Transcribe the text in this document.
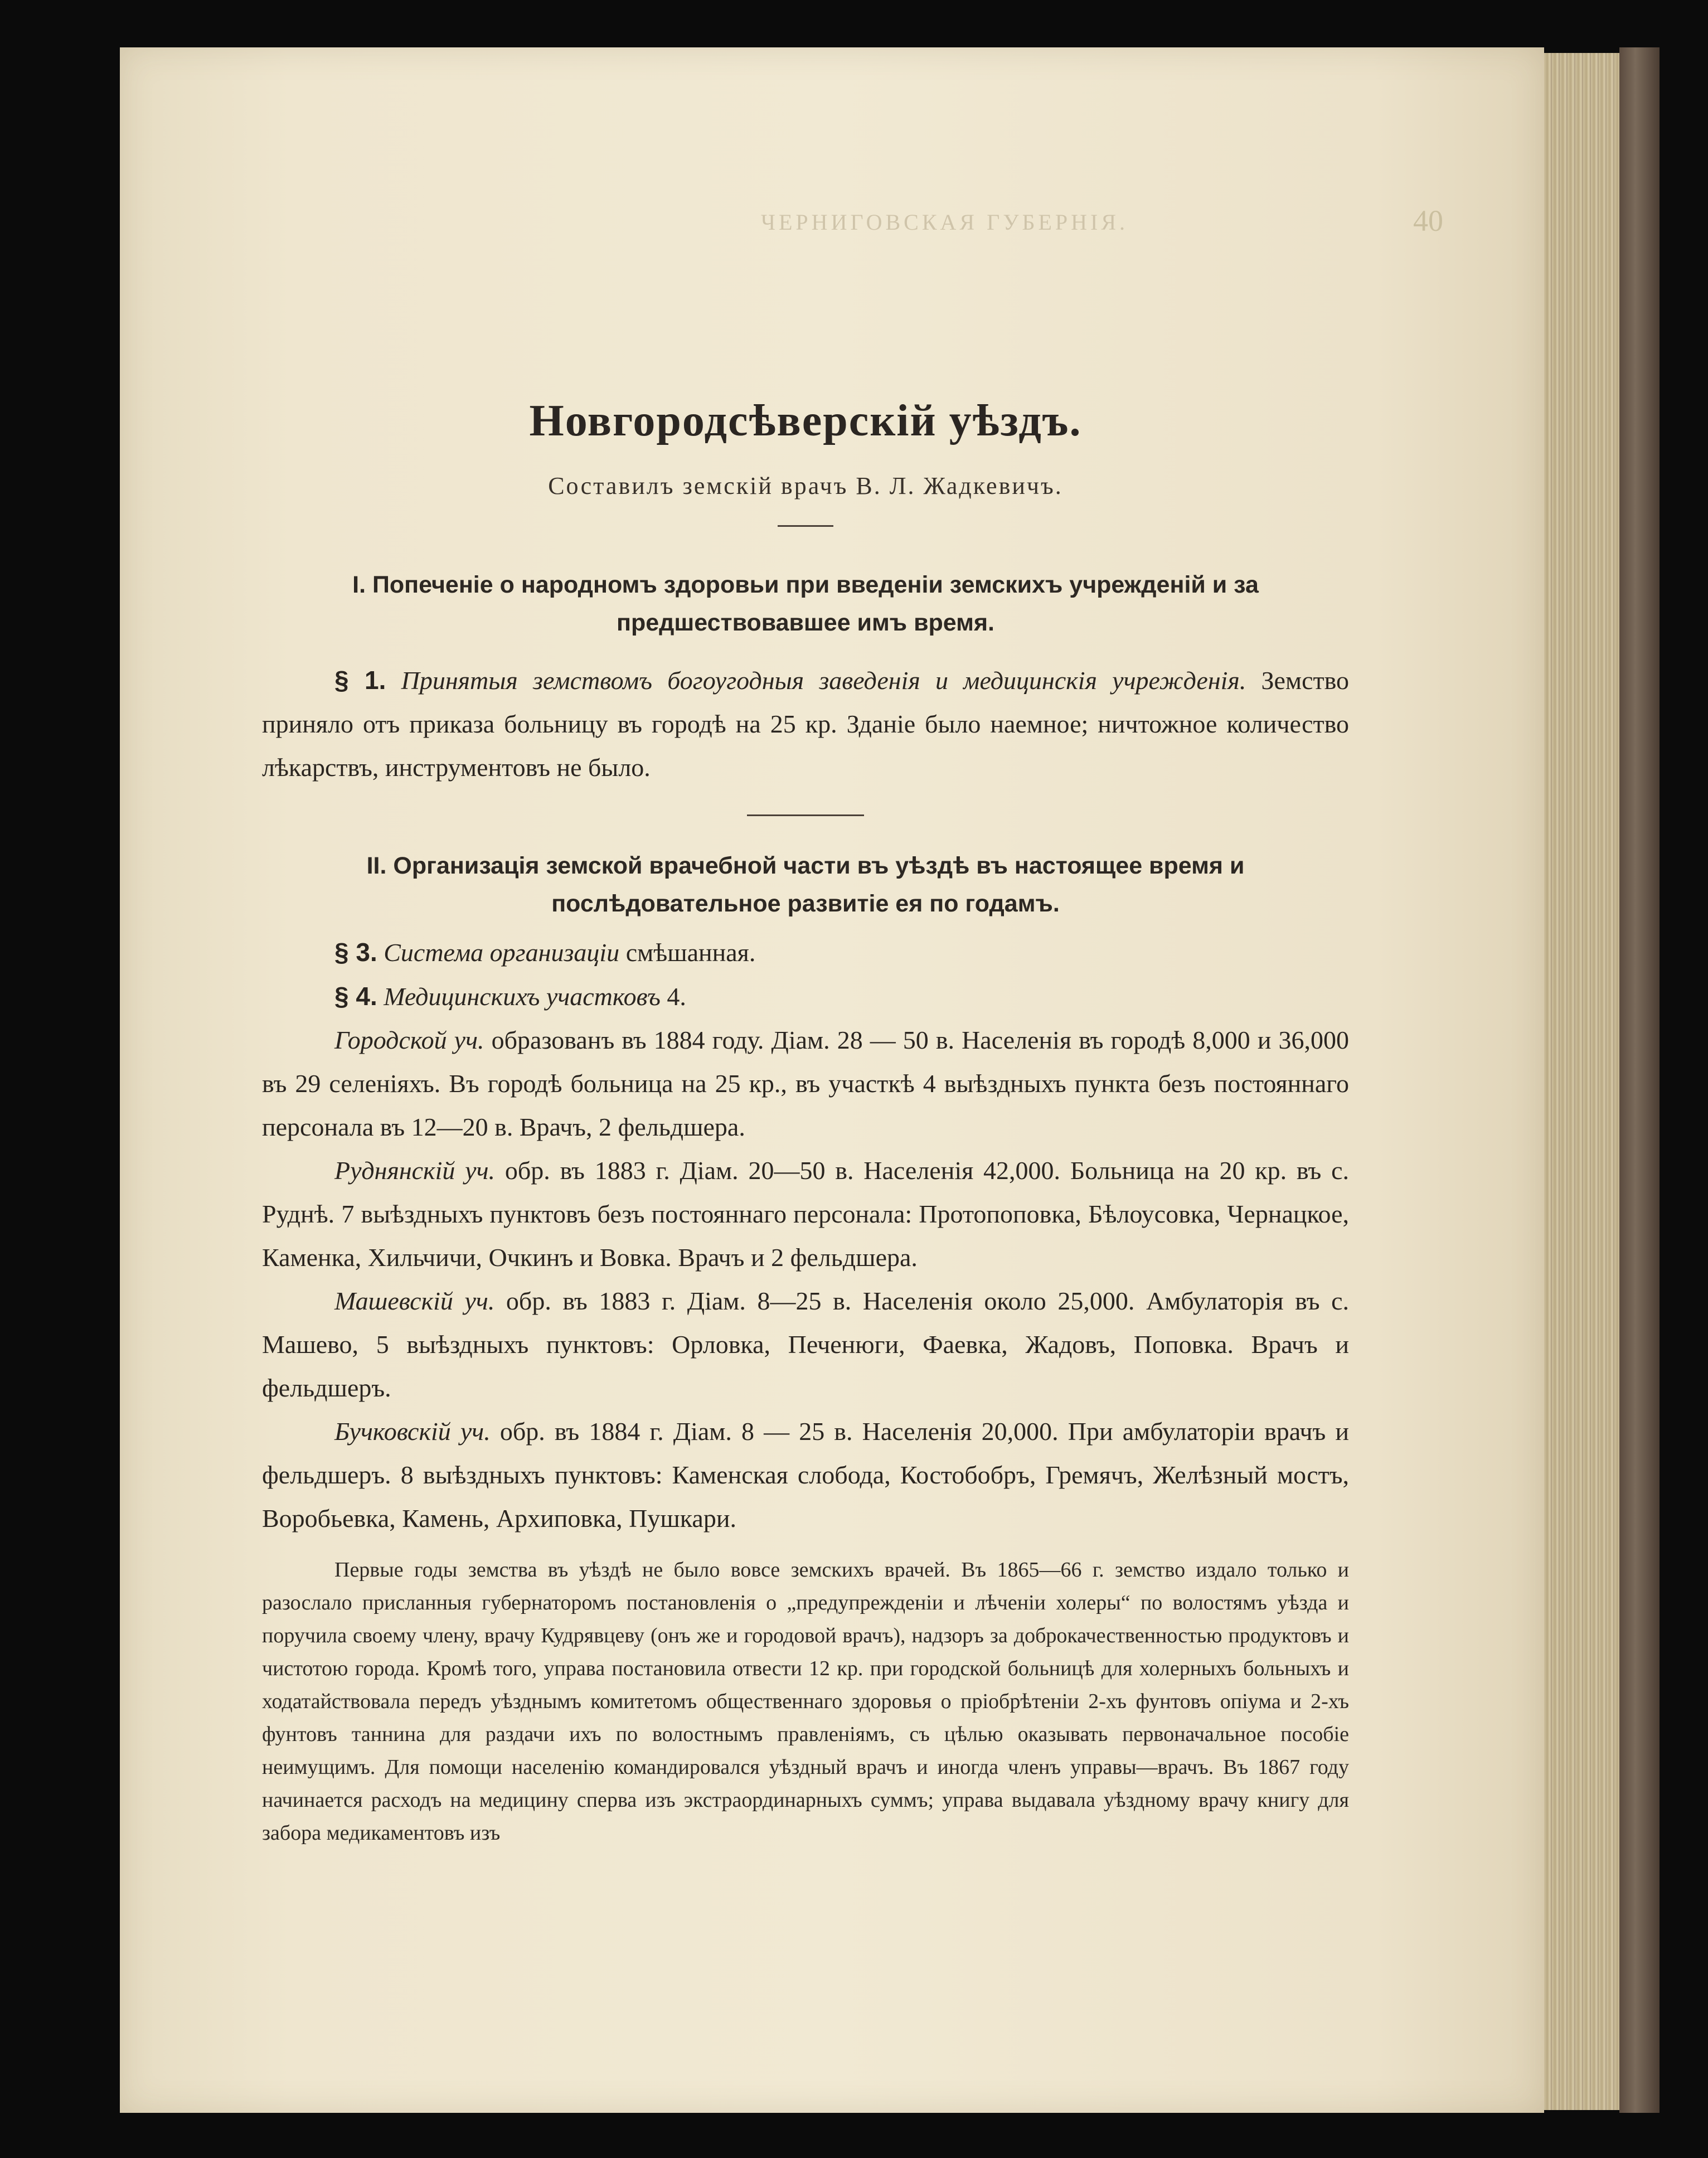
ЧЕРНИГОВСКАЯ ГУБЕРНІЯ.	40
Новгородсѣверскій уѣздъ.
Составилъ земскій врачъ В. Л. Жадкевичъ.
I. Попеченіе о народномъ здоровьи при введеніи земскихъ учрежденій и за
предшествовавшее имъ время.

§ 1. Принятыя земствомъ богоугодныя заведенія и медицинскія учрежденія. Земство приняло отъ приказа больницу въ городѣ на 25 кр. Зданіе было наемное; ничтожное количество лѣкарствъ, инструментовъ не было.

II. Организація земской врачебной части въ уѣздѣ въ настоящее время и
послѣдовательное развитіе ея по годамъ.

§ 3. Система организаціи смѣшанная.

§ 4. Медицинскихъ участковъ 4.

Городской уч. образованъ въ 1884 году. Діам. 28 — 50 в. Населенія въ городѣ 8,000 и 36,000 въ 29 селеніяхъ. Въ городѣ больница на 25 кр., въ участкѣ 4 выѣздныхъ пункта безъ постояннаго персонала въ 12—20 в. Врачъ, 2 фельдшера.

Руднянскій уч. обр. въ 1883 г. Діам. 20—50 в. Населенія 42,000. Больница на 20 кр. въ с. Руднѣ. 7 выѣздныхъ пунктовъ безъ постояннаго персонала: Протопоповка, Бѣлоусовка, Чернацкое, Каменка, Хильчичи, Очкинъ и Вовка. Врачъ и 2 фельдшера.

Машевскій уч. обр. въ 1883 г. Діам. 8—25 в. Населенія около 25,000. Амбулаторія въ с. Машево, 5 выѣздныхъ пунктовъ: Орловка, Печенюги, Фаевка, Жадовъ, Поповка. Врачъ и фельдшеръ.

Бучковскій уч. обр. въ 1884 г. Діам. 8 — 25 в. Населенія 20,000. При амбулаторіи врачъ и фельдшеръ. 8 выѣздныхъ пунктовъ: Каменская слобода, Костобобръ, Гремячъ, Желѣзный мостъ, Воробьевка, Камень, Архиповка, Пушкари.

Первые годы земства въ уѣздѣ не было вовсе земскихъ врачей. Въ 1865—66 г. земство издало только и разослало присланныя губернаторомъ постановленія о „предупрежденіи и лѣченіи холеры“ по волостямъ уѣзда и поручила своему члену, врачу Кудрявцеву (онъ же и городовой врачъ), надзоръ за доброкачественностью продуктовъ и чистотою города. Кромѣ того, управа постановила отвести 12 кр. при городской больницѣ для холерныхъ больныхъ и ходатайствовала передъ уѣзднымъ комитетомъ общественнаго здоровья о пріобрѣтеніи 2-хъ фунтовъ опіума и 2-хъ фунтовъ таннина для раздачи ихъ по волостнымъ правленіямъ, съ цѣлью оказывать первоначальное пособіе неимущимъ. Для помощи населенію командировался уѣздный врачъ и иногда членъ управы—врачъ. Въ 1867 году начинается расходъ на медицину сперва изъ экстраординарныхъ суммъ; управа выдавала уѣздному врачу книгу для забора медикаментовъ изъ
